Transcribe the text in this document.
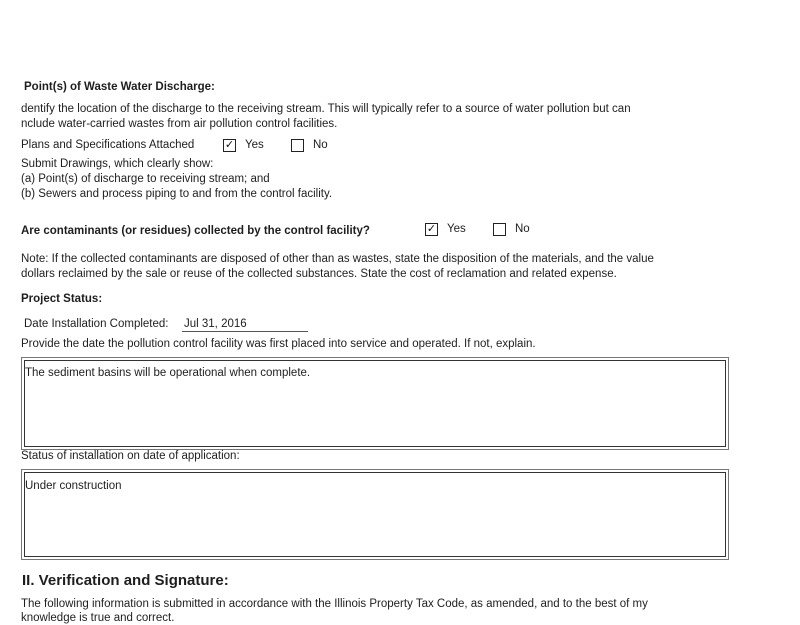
Point(s) of Waste Water Discharge:
dentify the location of the discharge to the receiving stream. This will typically refer to a source of water pollution but can
nclude water-carried wastes from air pollution control facilities.
Plans and Specifications Attached	✓ Yes	No
Submit Drawings, which clearly show:
(a) Point(s) of discharge to receiving stream; and
(b) Sewers and process piping to and from the control facility.
Are contaminants (or residues) collected by the control facility?	✓ Yes	No
Note: If the collected contaminants are disposed of other than as wastes, state the disposition of the materials, and the value
dollars reclaimed by the sale or reuse of the collected substances. State the cost of reclamation and related expense.
Project Status:
Date Installation Completed: Jul 31, 2016
Provide the date the pollution control facility was first placed into service and operated. If not, explain.
The sediment basins will be operational when complete.
Status of installation on date of application:
Under construction
II. Verification and Signature:
The following information is submitted in accordance with the Illinois Property Tax Code, as amended, and to the best of my
knowledge is true and correct.
